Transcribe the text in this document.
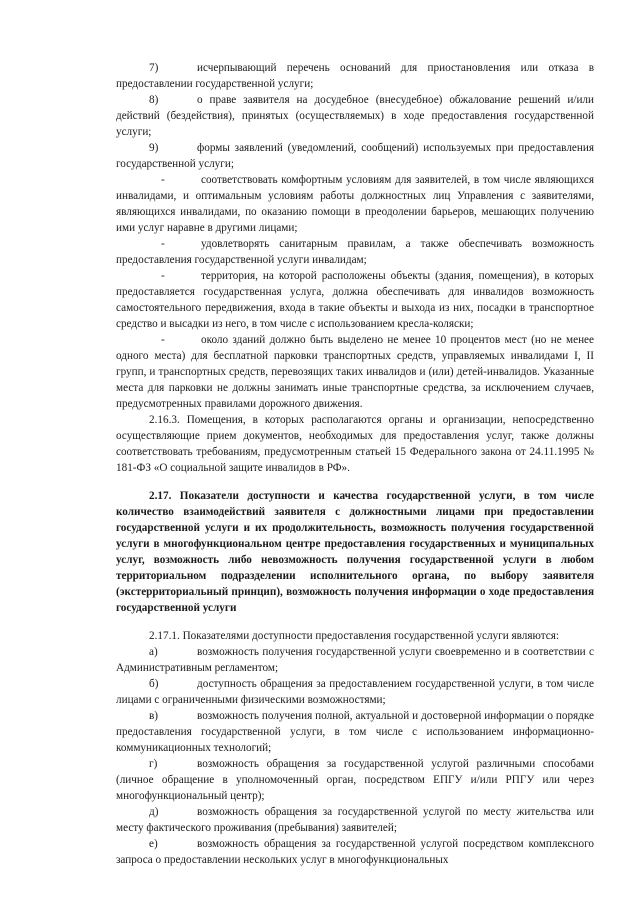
7)	исчерпывающий перечень оснований для приостановления или отказа в предоставлении государственной услуги;

8)	о праве заявителя на досудебное (внесудебное) обжалование решений и/или действий (бездействия), принятых (осуществляемых) в ходе предоставления государственной услуги;

9)	формы заявлений (уведомлений, сообщений) используемых при предоставления государственной услуги;

-	соответствовать комфортным условиям для заявителей, в том числе являющихся инвалидами, и оптимальным условиям работы должностных лиц Управления с заявителями, являющихся инвалидами, по оказанию помощи в преодолении барьеров, мешающих получению ими услуг наравне в другими лицами;

-	удовлетворять санитарным правилам, а также обеспечивать возможность предоставления государственной услуги инвалидам;

-	территория, на которой расположены объекты (здания, помещения), в которых предоставляется государственная услуга, должна обеспечивать для инвалидов возможность самостоятельного передвижения, входа в такие объекты и выхода из них, посадки в транспортное средство и высадки из него, в том числе с использованием кресла-коляски;

-	около зданий должно быть выделено не менее 10 процентов мест (но не менее одного места) для бесплатной парковки транспортных средств, управляемых инвалидами I, II групп, и транспортных средств, перевозящих таких инвалидов и (или) детей-инвалидов. Указанные места для парковки не должны занимать иные транспортные средства, за исключением случаев, предусмотренных правилами дорожного движения.

2.16.3. Помещения, в которых располагаются органы и организации, непосредственно осуществляющие прием документов, необходимых для предоставления услуг, также должны соответствовать требованиям, предусмотренным статьей 15 Федерального закона от 24.11.1995 № 181-ФЗ «О социальной защите инвалидов в РФ».

2.17. Показатели доступности и качества государственной услуги, в том числе количество взаимодействий заявителя с должностными лицами при предоставлении государственной услуги и их продолжительность, возможность получения государственной услуги в многофункциональном центре предоставления государственных и муниципальных услуг, возможность либо невозможность получения государственной услуги в любом территориальном подразделении исполнительного органа, по выбору заявителя (экстерриториальный принцип), возможность получения информации о ходе предоставления государственной услуги

2.17.1. Показателями доступности предоставления государственной услуги являются:

а)	возможность получения государственной услуги своевременно и в соответствии с Административным регламентом;

б)	доступность обращения за предоставлением государственной услуги, в том числе лицами с ограниченными физическими возможностями;

в)	возможность получения полной, актуальной и достоверной информации о порядке предоставления государственной услуги, в том числе с использованием информационно-коммуникационных технологий;

г)	возможность обращения за государственной услугой различными способами (личное обращение в уполномоченный орган, посредством ЕПГУ и/или РПГУ или через многофункциональный центр);

д)	возможность обращения за государственной услугой по месту жительства или месту фактического проживания (пребывания) заявителей;

е)	возможность обращения за государственной услугой посредством комплексного запроса о предоставлении нескольких услуг в многофункциональных
